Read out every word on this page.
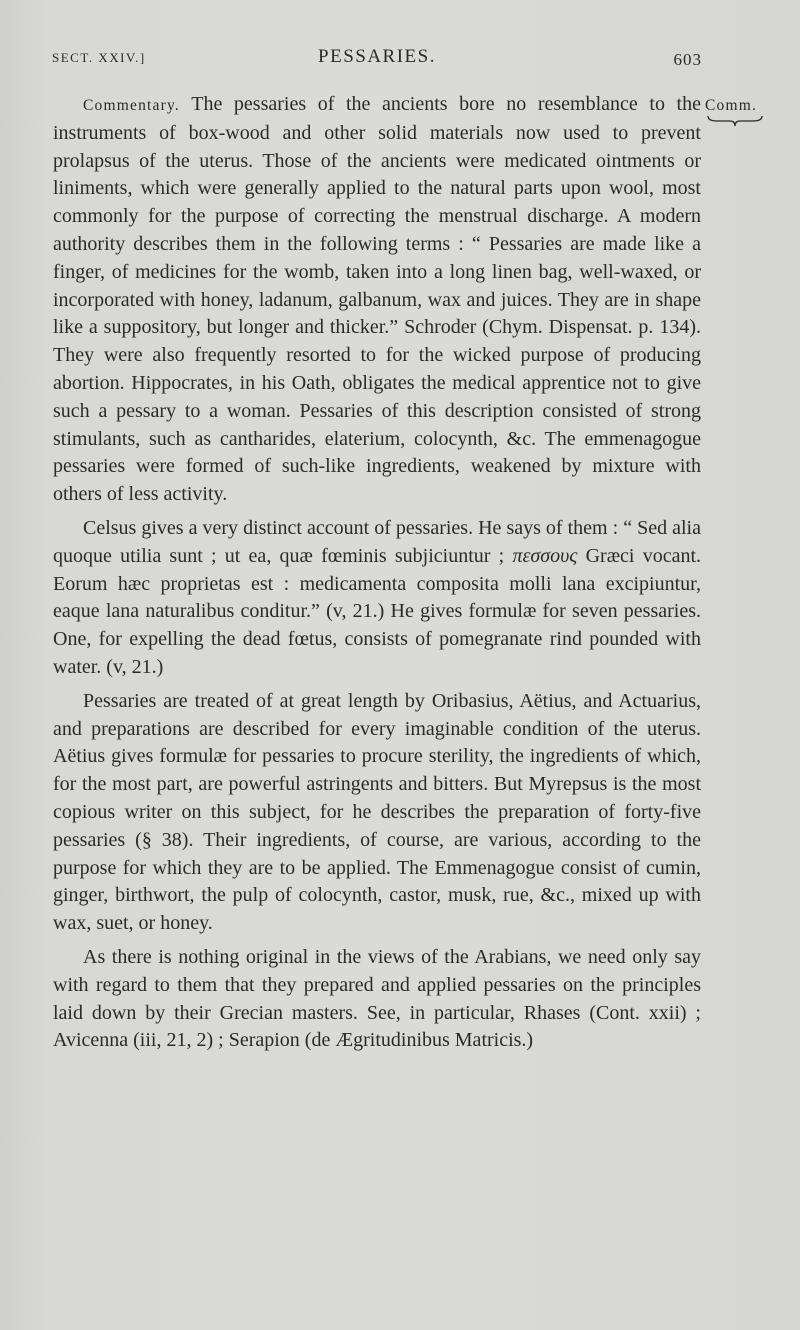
SECT. XXIV.]	PESSARIES.	603
Comm.

Commentary. The pessaries of the ancients bore no resemblance to the instruments of box-wood and other solid materials now used to prevent prolapsus of the uterus. Those of the ancients were medicated ointments or liniments, which were generally applied to the natural parts upon wool, most commonly for the purpose of correcting the menstrual discharge. A modern authority describes them in the following terms : “ Pessaries are made like a finger, of medicines for the womb, taken into a long linen bag, well-waxed, or incorporated with honey, ladanum, galbanum, wax and juices. They are in shape like a suppository, but longer and thicker.” Schroder (Chym. Dispensat. p. 134). They were also frequently resorted to for the wicked purpose of producing abortion. Hippocrates, in his Oath, obligates the medical apprentice not to give such a pessary to a woman. Pessaries of this description consisted of strong stimulants, such as cantharides, elaterium, colocynth, &c. The emmenagogue pessaries were formed of such-like ingredients, weakened by mixture with others of less activity.

Celsus gives a very distinct account of pessaries. He says of them : “ Sed alia quoque utilia sunt ; ut ea, quæ fœminis subjiciuntur ; πεσσους Græci vocant. Eorum hæc proprietas est : medicamenta composita molli lana excipiuntur, eaque lana naturalibus conditur.” (v, 21.) He gives formulæ for seven pessaries. One, for expelling the dead fœtus, consists of pomegranate rind pounded with water. (v, 21.)

Pessaries are treated of at great length by Oribasius, Aëtius, and Actuarius, and preparations are described for every imaginable condition of the uterus. Aëtius gives formulæ for pessaries to procure sterility, the ingredients of which, for the most part, are powerful astringents and bitters. But Myrepsus is the most copious writer on this subject, for he describes the preparation of forty-five pessaries (§ 38). Their ingredients, of course, are various, according to the purpose for which they are to be applied. The Emmenagogue consist of cumin, ginger, birthwort, the pulp of colocynth, castor, musk, rue, &c., mixed up with wax, suet, or honey.

As there is nothing original in the views of the Arabians, we need only say with regard to them that they prepared and applied pessaries on the principles laid down by their Grecian masters. See, in particular, Rhases (Cont. xxii) ; Avicenna (iii, 21, 2) ; Serapion (de Ægritudinibus Matricis.)
